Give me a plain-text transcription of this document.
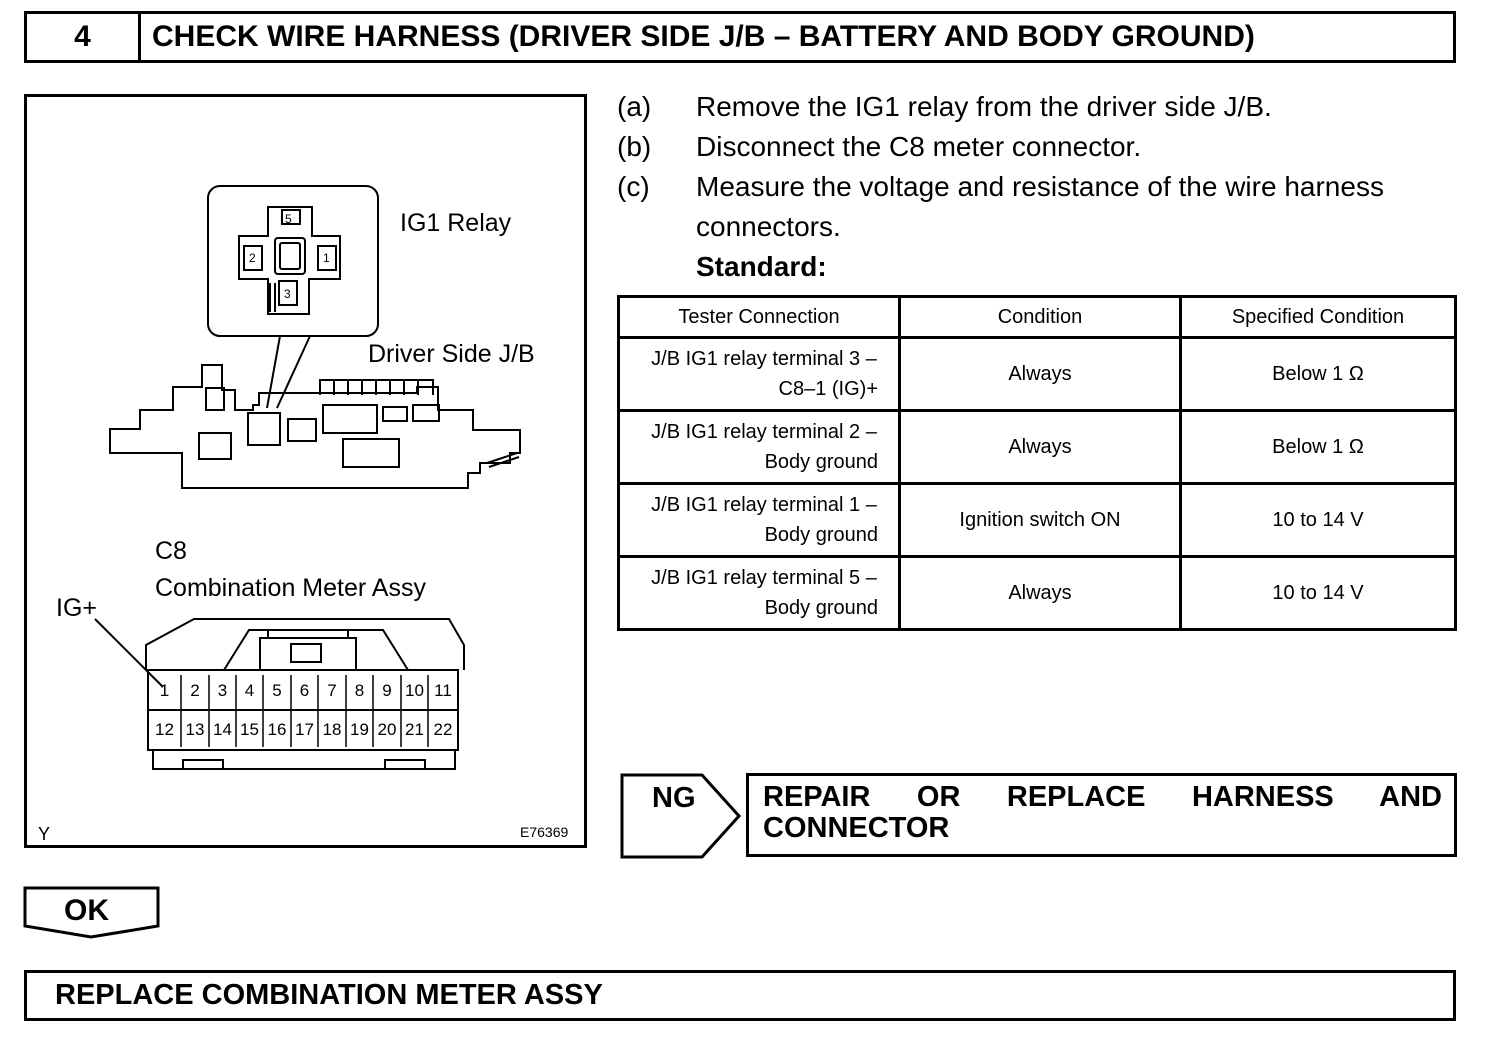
4	CHECK WIRE HARNESS (DRIVER SIDE J/B – BATTERY AND BODY GROUND)
IG1 Relay
Driver Side J/B
5
2	1
3
C8
Combination Meter Assy
IG+
1	2	3	4	5	6	7	8	9 10 11
12 13 14 15 16 17 18 19 20 21 22
Y	E76369
(a) Remove the IG1 relay from the driver side J/B.
(b) Disconnect the C8 meter connector.
(c) Measure the voltage and resistance of the wire harness
connectors.
Standard:
Tester Connection	Condition	Specified Condition

J/B IG1 relay terminal 3 –
C8–1 (IG)+	Always	Below 1 Ω

J/B IG1 relay terminal 2 –
Body ground	Always	Below 1 Ω

J/B IG1 relay terminal 1 –
Body ground	Ignition switch ON	10 to 14 V

J/B IG1 relay terminal 5 –
Body ground	Always	10 to 14 V
NG REPAIR OR REPLACE HARNESS AND CONNECTOR
OK
REPLACE COMBINATION METER ASSY
